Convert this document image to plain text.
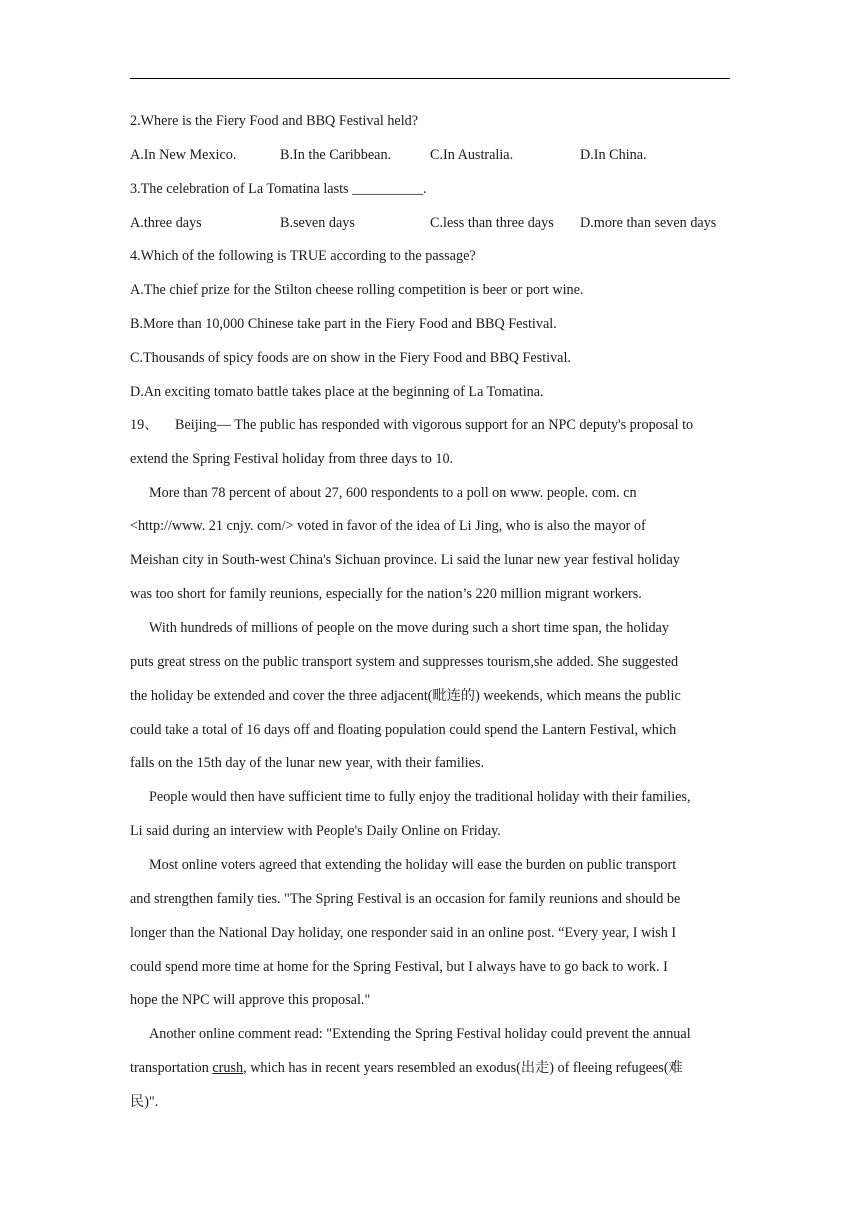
2.Where is the Fiery Food and BBQ Festival held?
A.In New Mexico.	B.In the Caribbean.	C.In Australia.	D.In China.
3.The celebration of La Tomatina lasts __________.
A.three days	B.seven days	C.less than three days D.more than seven days
4.Which of the following is TRUE according to the passage?
A.The chief prize for the Stilton cheese rolling competition is beer or port wine.
B.More than 10,000 Chinese take part in the Fiery Food and BBQ Festival.
C.Thousands of spicy foods are on show in the Fiery Food and BBQ Festival.
D.An exciting tomato battle takes place at the beginning of La Tomatina.
19、 Beijing— The public has responded with vigorous support for an NPC deputy's proposal to
extend the Spring Festival holiday from three days to 10.
More than 78 percent of about 27, 600 respondents to a poll on www. people. com. cn
<http://www. 21 cnjy. com/> voted in favor of the idea of Li Jing, who is also the mayor of
Meishan city in South-west China's Sichuan province. Li said the lunar new year festival holiday
was too short for family reunions, especially for the nation’s 220 million migrant workers.
With hundreds of millions of people on the move during such a short time span, the holiday
puts great stress on the public transport system and suppresses tourism,she added. She suggested
the holiday be extended and cover the three adjacent(毗连的) weekends, which means the public
could take a total of 16 days off and floating population could spend the Lantern Festival, which
falls on the 15th day of the lunar new year, with their families.
People would then have sufficient time to fully enjoy the traditional holiday with their families,
Li said during an interview with People's Daily Online on Friday.
Most online voters agreed that extending the holiday will ease the burden on public transport
and strengthen family ties. "The Spring Festival is an occasion for family reunions and should be
longer than the National Day holiday, one responder said in an online post. “Every year, I wish I
could spend more time at home for the Spring Festival, but I always have to go back to work. I
hope the NPC will approve this proposal."
Another online comment read: "Extending the Spring Festival holiday could prevent the annual
transportation crush, which has in recent years resembled an exodus(出走) of fleeing refugees(难
民)".
